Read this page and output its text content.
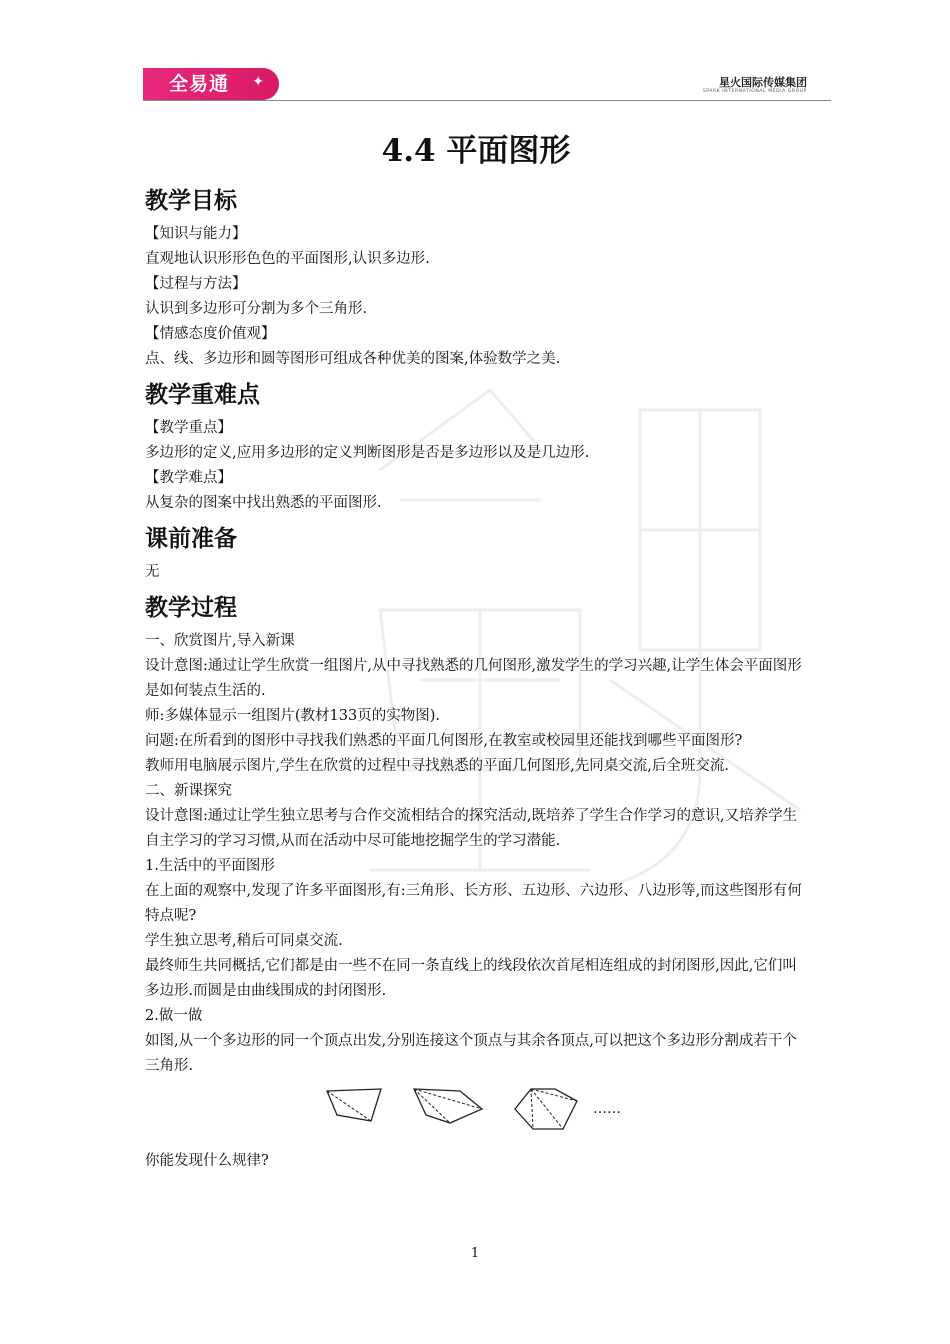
全易通 ✦	星火国际传媒集团
SPARK INTERNATIONAL MEDIA GROUP
4.4 平面图形
教学目标

【知识与能力】

直观地认识形形色色的平面图形,认识多边形.

【过程与方法】

认识到多边形可分割为多个三角形.

【情感态度价值观】

点、线、多边形和圆等图形可组成各种优美的图案,体验数学之美.

教学重难点

【教学重点】

多边形的定义,应用多边形的定义判断图形是否是多边形以及是几边形.

【教学难点】

从复杂的图案中找出熟悉的平面图形.

课前准备

无

教学过程

一、欣赏图片,导入新课

设计意图:通过让学生欣赏一组图片,从中寻找熟悉的几何图形,激发学生的学习兴趣,让学生体会平面图形是如何装点生活的.

师:多媒体显示一组图片(教材133页的实物图).

问题:在所看到的图形中寻找我们熟悉的平面几何图形,在教室或校园里还能找到哪些平面图形?

教师用电脑展示图片,学生在欣赏的过程中寻找熟悉的平面几何图形,先同桌交流,后全班交流.

二、新课探究

设计意图:通过让学生独立思考与合作交流相结合的探究活动,既培养了学生合作学习的意识,又培养学生自主学习的学习习惯,从而在活动中尽可能地挖掘学生的学习潜能.

1.生活中的平面图形

在上面的观察中,发现了许多平面图形,有:三角形、长方形、五边形、六边形、八边形等,而这些图形有何特点呢?

学生独立思考,稍后可同桌交流.

最终师生共同概括,它们都是由一些不在同一条直线上的线段依次首尾相连组成的封闭图形,因此,它们叫多边形.而圆是由曲线围成的封闭图形.

2.做一做

如图,从一个多边形的同一个顶点出发,分别连接这个顶点与其余各顶点,可以把这个多边形分割成若干个三角形.

……

你能发现什么规律?

1
